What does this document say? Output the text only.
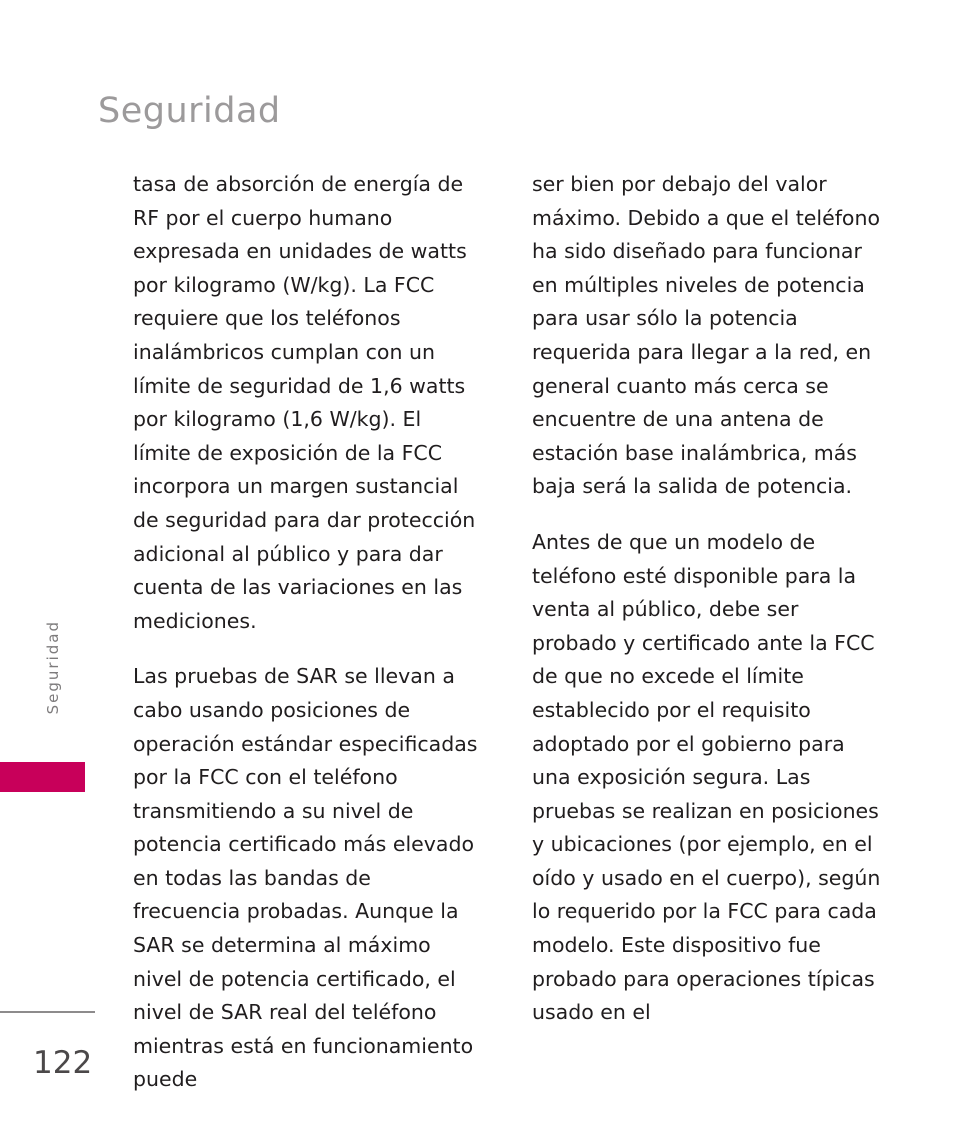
Seguridad
Seguridad

tasa de absorción de energía de RF por el cuerpo humano expresada en unidades de watts por kilogramo (W/kg). La FCC requiere que los teléfonos inalámbricos cumplan con un límite de seguridad de 1,6 watts por kilogramo (1,6 W/kg). El límite de exposición de la FCC incorpora un margen sustancial de seguridad para dar protección adicional al público y para dar cuenta de las variaciones en las mediciones.

Las pruebas de SAR se llevan a cabo usando posiciones de operación estándar especificadas por la FCC con el teléfono transmitiendo a su nivel de potencia certificado más elevado en todas las bandas de frecuencia probadas. Aunque la SAR se determina al máximo nivel de potencia certificado, el nivel de SAR real del teléfono mientras está en funcionamiento puede

ser bien por debajo del valor máximo. Debido a que el teléfono ha sido diseñado para funcionar en múltiples niveles de potencia para usar sólo la potencia requerida para llegar a la red, en general cuanto más cerca se encuentre de una antena de estación base inalámbrica, más baja será la salida de potencia.

Antes de que un modelo de teléfono esté disponible para la venta al público, debe ser probado y certificado ante la FCC de que no excede el límite establecido por el requisito adoptado por el gobierno para una exposición segura. Las pruebas se realizan en posiciones y ubicaciones (por ejemplo, en el oído y usado en el cuerpo), según lo requerido por la FCC para cada modelo. Este dispositivo fue probado para operaciones típicas usado en el

122
